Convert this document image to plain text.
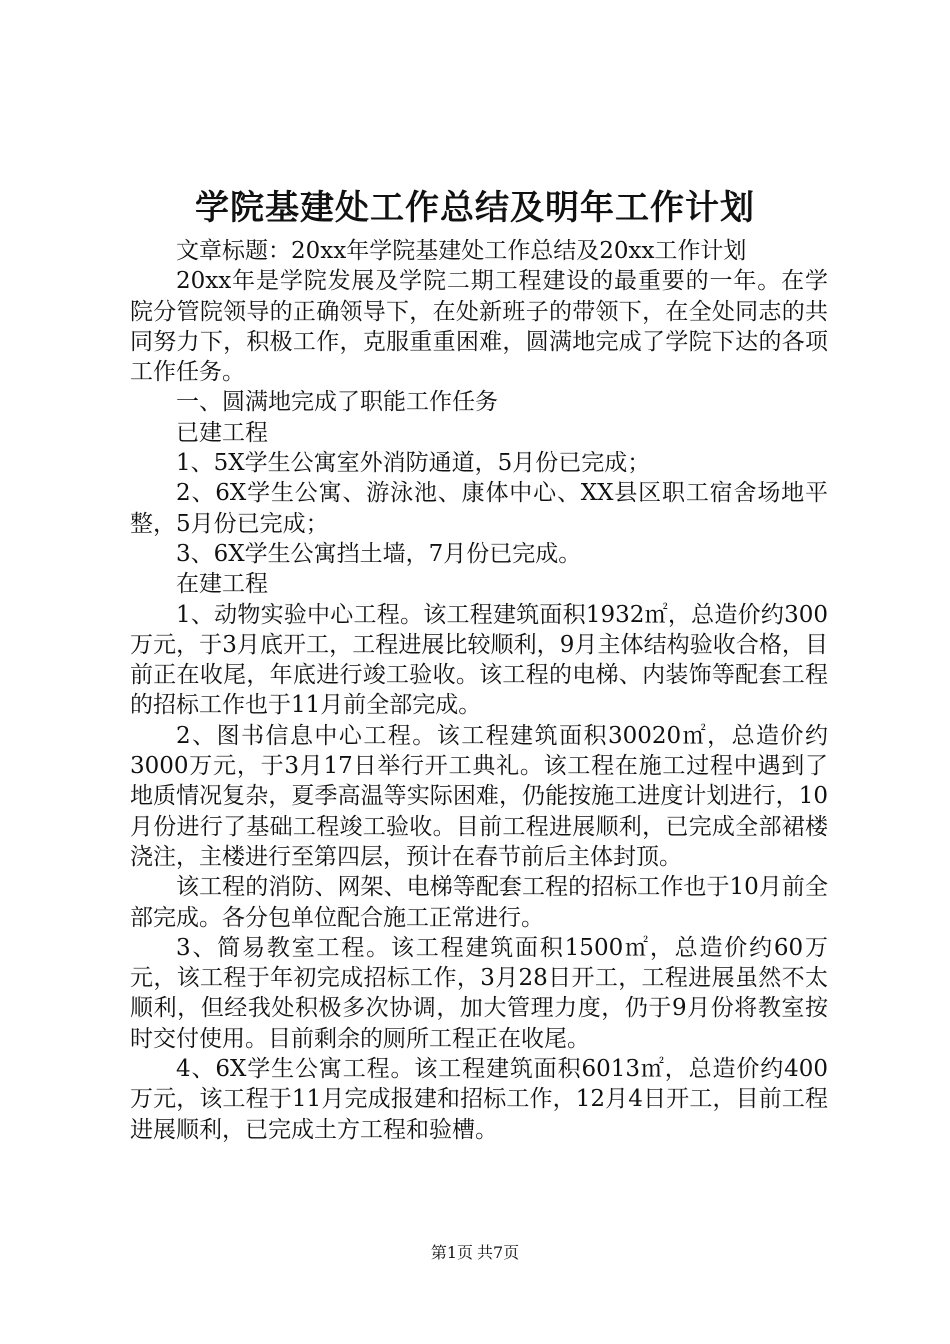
学院基建处工作总结及明年工作计划

文章标题：20xx年学院基建处工作总结及20xx工作计划

20xx年是学院发展及学院二期工程建设的最重要的一年。在学院分管院领导的正确领导下，在处新班子的带领下，在全处同志的共同努力下，积极工作，克服重重困难，圆满地完成了学院下达的各项工作任务。

一、圆满地完成了职能工作任务

已建工程

1、5X学生公寓室外消防通道，5月份已完成；

2、6X学生公寓、游泳池、康体中心、XX县区职工宿舍场地平整，5月份已完成；

3、6X学生公寓挡土墙，7月份已完成。

在建工程

1、动物实验中心工程。该工程建筑面积1932㎡，总造价约300万元，于3月底开工，工程进展比较顺利，9月主体结构验收合格，目前正在收尾，年底进行竣工验收。该工程的电梯、内装饰等配套工程的招标工作也于11月前全部完成。

2、图书信息中心工程。该工程建筑面积30020㎡，总造价约3000万元，于3月17日举行开工典礼。该工程在施工过程中遇到了地质情况复杂，夏季高温等实际困难，仍能按施工进度计划进行，10月份进行了基础工程竣工验收。目前工程进展顺利，已完成全部裙楼浇注，主楼进行至第四层，预计在春节前后主体封顶。

该工程的消防、网架、电梯等配套工程的招标工作也于10月前全部完成。各分包单位配合施工正常进行。

3、简易教室工程。该工程建筑面积1500㎡，总造价约60万元，该工程于年初完成招标工作，3月28日开工，工程进展虽然不太顺利，但经我处积极多次协调，加大管理力度，仍于9月份将教室按时交付使用。目前剩余的厕所工程正在收尾。

4、6X学生公寓工程。该工程建筑面积6013㎡，总造价约400万元，该工程于11月完成报建和招标工作，12月4日开工，目前工程进展顺利，已完成土方工程和验槽。

第1页 共7页
